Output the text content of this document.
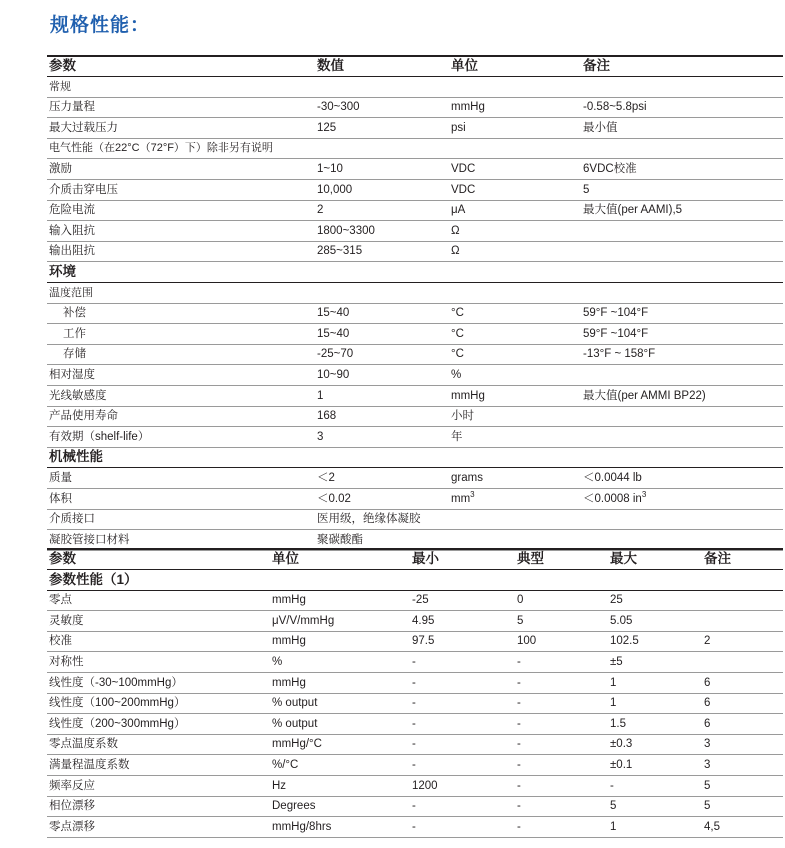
规格性能：
参数	数值	单位	备注
常规
压力量程	-30~300	mmHg	-0.58~5.8psi
最大过载压力	125	psi	最小值
电气性能（在22°C（72°F）下）除非另有说明
激励	1~10	VDC	6VDC校准
介质击穿电压	10,000	VDC	5
危险电流	2	μA	最大值(per AAMI),5
输入阻抗	1800~3300	Ω
输出阻抗	285~315	Ω
环境
温度范围
补偿	15~40	°C	59°F ~104°F
工作	15~40	°C	59°F ~104°F
存储	-25~70	°C	-13°F ~ 158°F
相对湿度	10~90	%
光线敏感度	1	mmHg	最大值(per AMMI BP22)
产品使用寿命	168	小时
有效期（shelf-life）	3	年
机械性能
质量	＜2	grams	＜0.0044 lb
体积	＜0.02	$mm^3$	＜0.0008 $in^3$
介质接口	医用级，绝缘体凝胶
凝胶管接口材料	聚碳酸酯
参数	单位	最小	典型	最大	备注
参数性能（1）
零点	mmHg	-25	0	25
灵敏度	μV/V/mmHg	4.95	5	5.05
校准	mmHg	97.5	100	102.5	2
对称性	%	-	-	±5
线性度（-30~100mmHg）	mmHg	-	-	1	6
线性度（100~200mmHg）	% output	-	-	1	6
线性度（200~300mmHg）	% output	-	-	1.5	6
零点温度系数	mmHg/°C	-	-	±0.3	3
满量程温度系数	%/°C	-	-	±0.1	3
频率反应	Hz	1200	-	-	5
相位漂移	Degrees	-	-	5	5
零点漂移	mmHg/8hrs	-	-	1	4,5
